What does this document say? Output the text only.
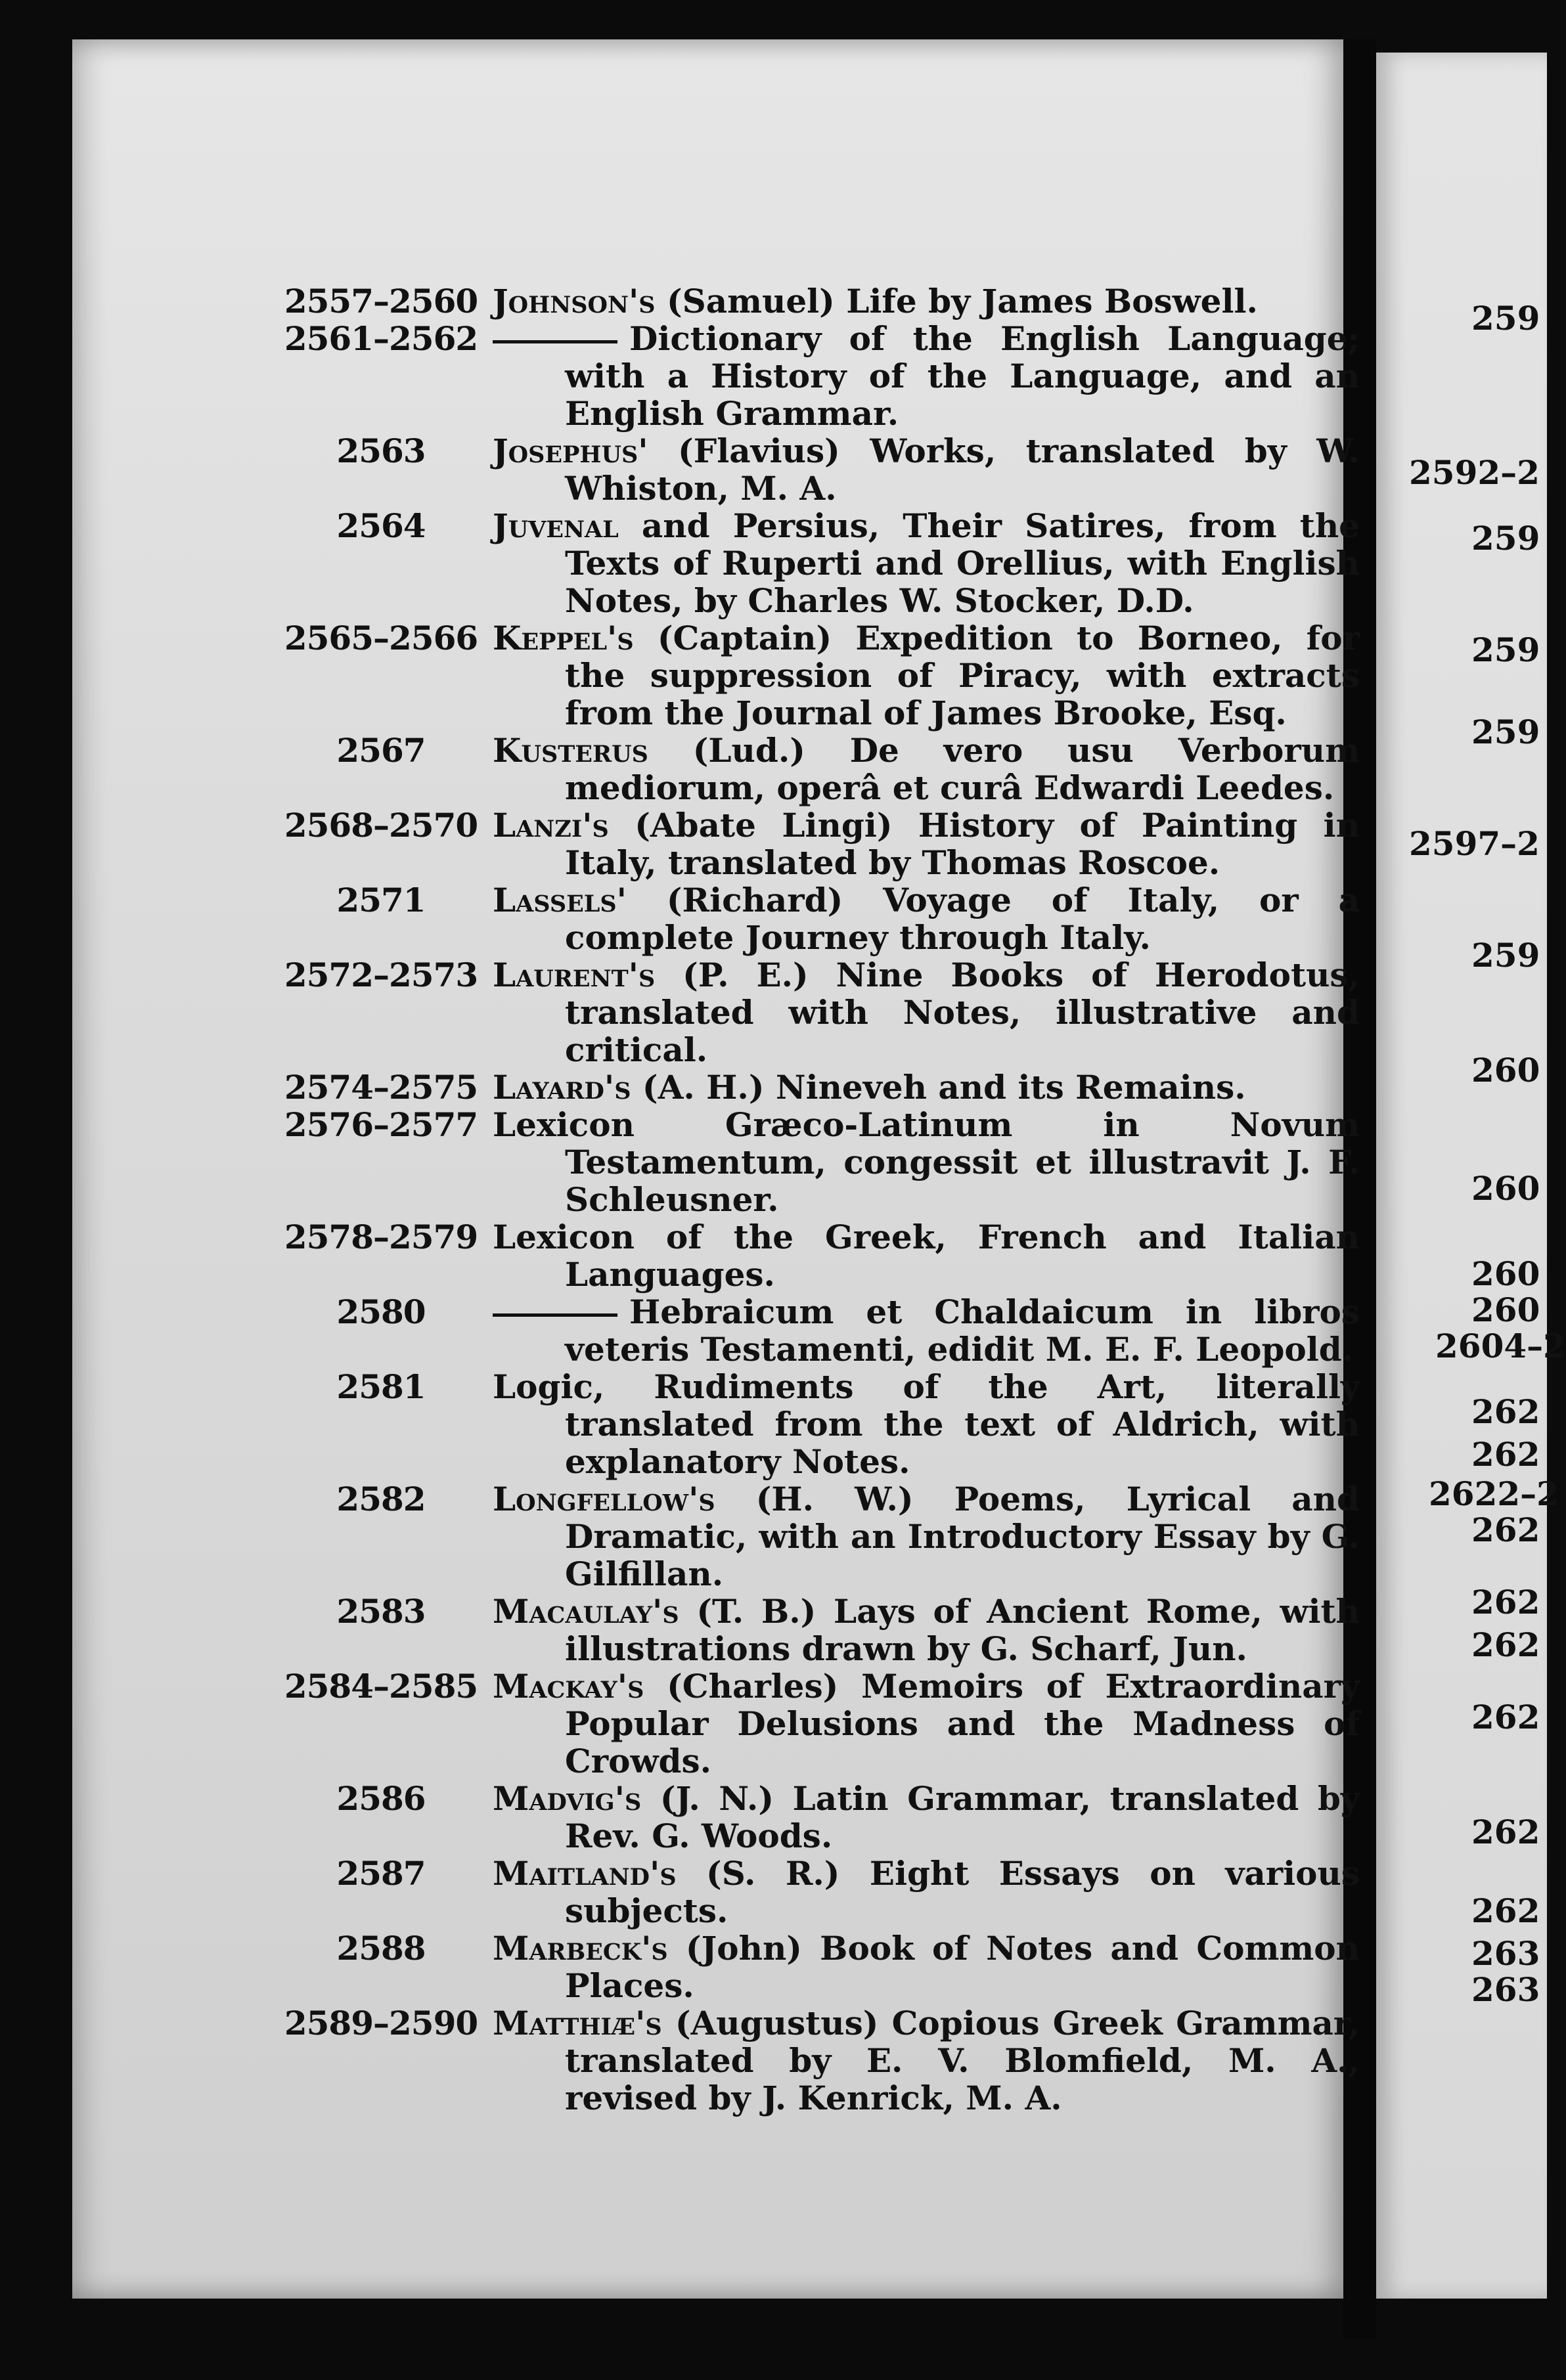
2557–2560 Johnson's (Samuel) Life by James Boswell.
2561–2562	Dictionary of the English Language; with a History of the Language, and an English Grammar.
2563	Josephus' (Flavius) Works, translated by W. Whiston, M. A.
2564	Juvenal and Persius, Their Satires, from the Texts of Ruperti and Orellius, with English Notes, by Charles W. Stocker, D.D.
2565–2566 Keppel's (Captain) Expedition to Borneo, for the suppression of Piracy, with extracts from the Journal of James Brooke, Esq.
2567	Kusterus (Lud.) De vero usu Verborum mediorum, operâ et curâ Edwardi Leedes.
2568–2570 Lanzi's (Abate Lingi) History of Painting in Italy, translated by Thomas Roscoe.
2571	Lassels' (Richard) Voyage of Italy, or a complete Journey through Italy.
2572–2573 Laurent's (P. E.) Nine Books of Herodotus, translated with Notes, illustrative and critical.
2574–2575 Layard's (A. H.) Nineveh and its Remains.
2576–2577 Lexicon Græco-Latinum in Novum Testamentum, congessit et illustravit J. F. Schleusner.
2578–2579 Lexicon of the Greek, French and Italian Languages.
2580	Hebraicum et Chaldaicum in libros veteris Testamenti, edidit M. E. F. Leopold.
2581	Logic, Rudiments of the Art, literally translated from the text of Aldrich, with explanatory Notes.
2582	Longfellow's (H. W.) Poems, Lyrical and Dramatic, with an Introductory Essay by G. Gilfillan.
2583	Macaulay's (T. B.) Lays of Ancient Rome, with illustrations drawn by G. Scharf, Jun.
2584–2585 Mackay's (Charles) Memoirs of Extraordinary Popular Delusions and the Madness of Crowds.
2586	Madvig's (J. N.) Latin Grammar, translated by Rev. G. Woods.
2587	Maitland's (S. R.) Eight Essays on various subjects.
2588	Marbeck's (John) Book of Notes and Common Places.
2589–2590 Matthiæ's (Augustus) Copious Greek Grammar, translated by E. V. Blomfield, M. A., revised by J. Kenrick, M. A.
259
2592–2
259
259
259
2597–2
259
260
260
260
260
2604–2
262
262
2622–2
262
262
262
262
262
262
263
263
